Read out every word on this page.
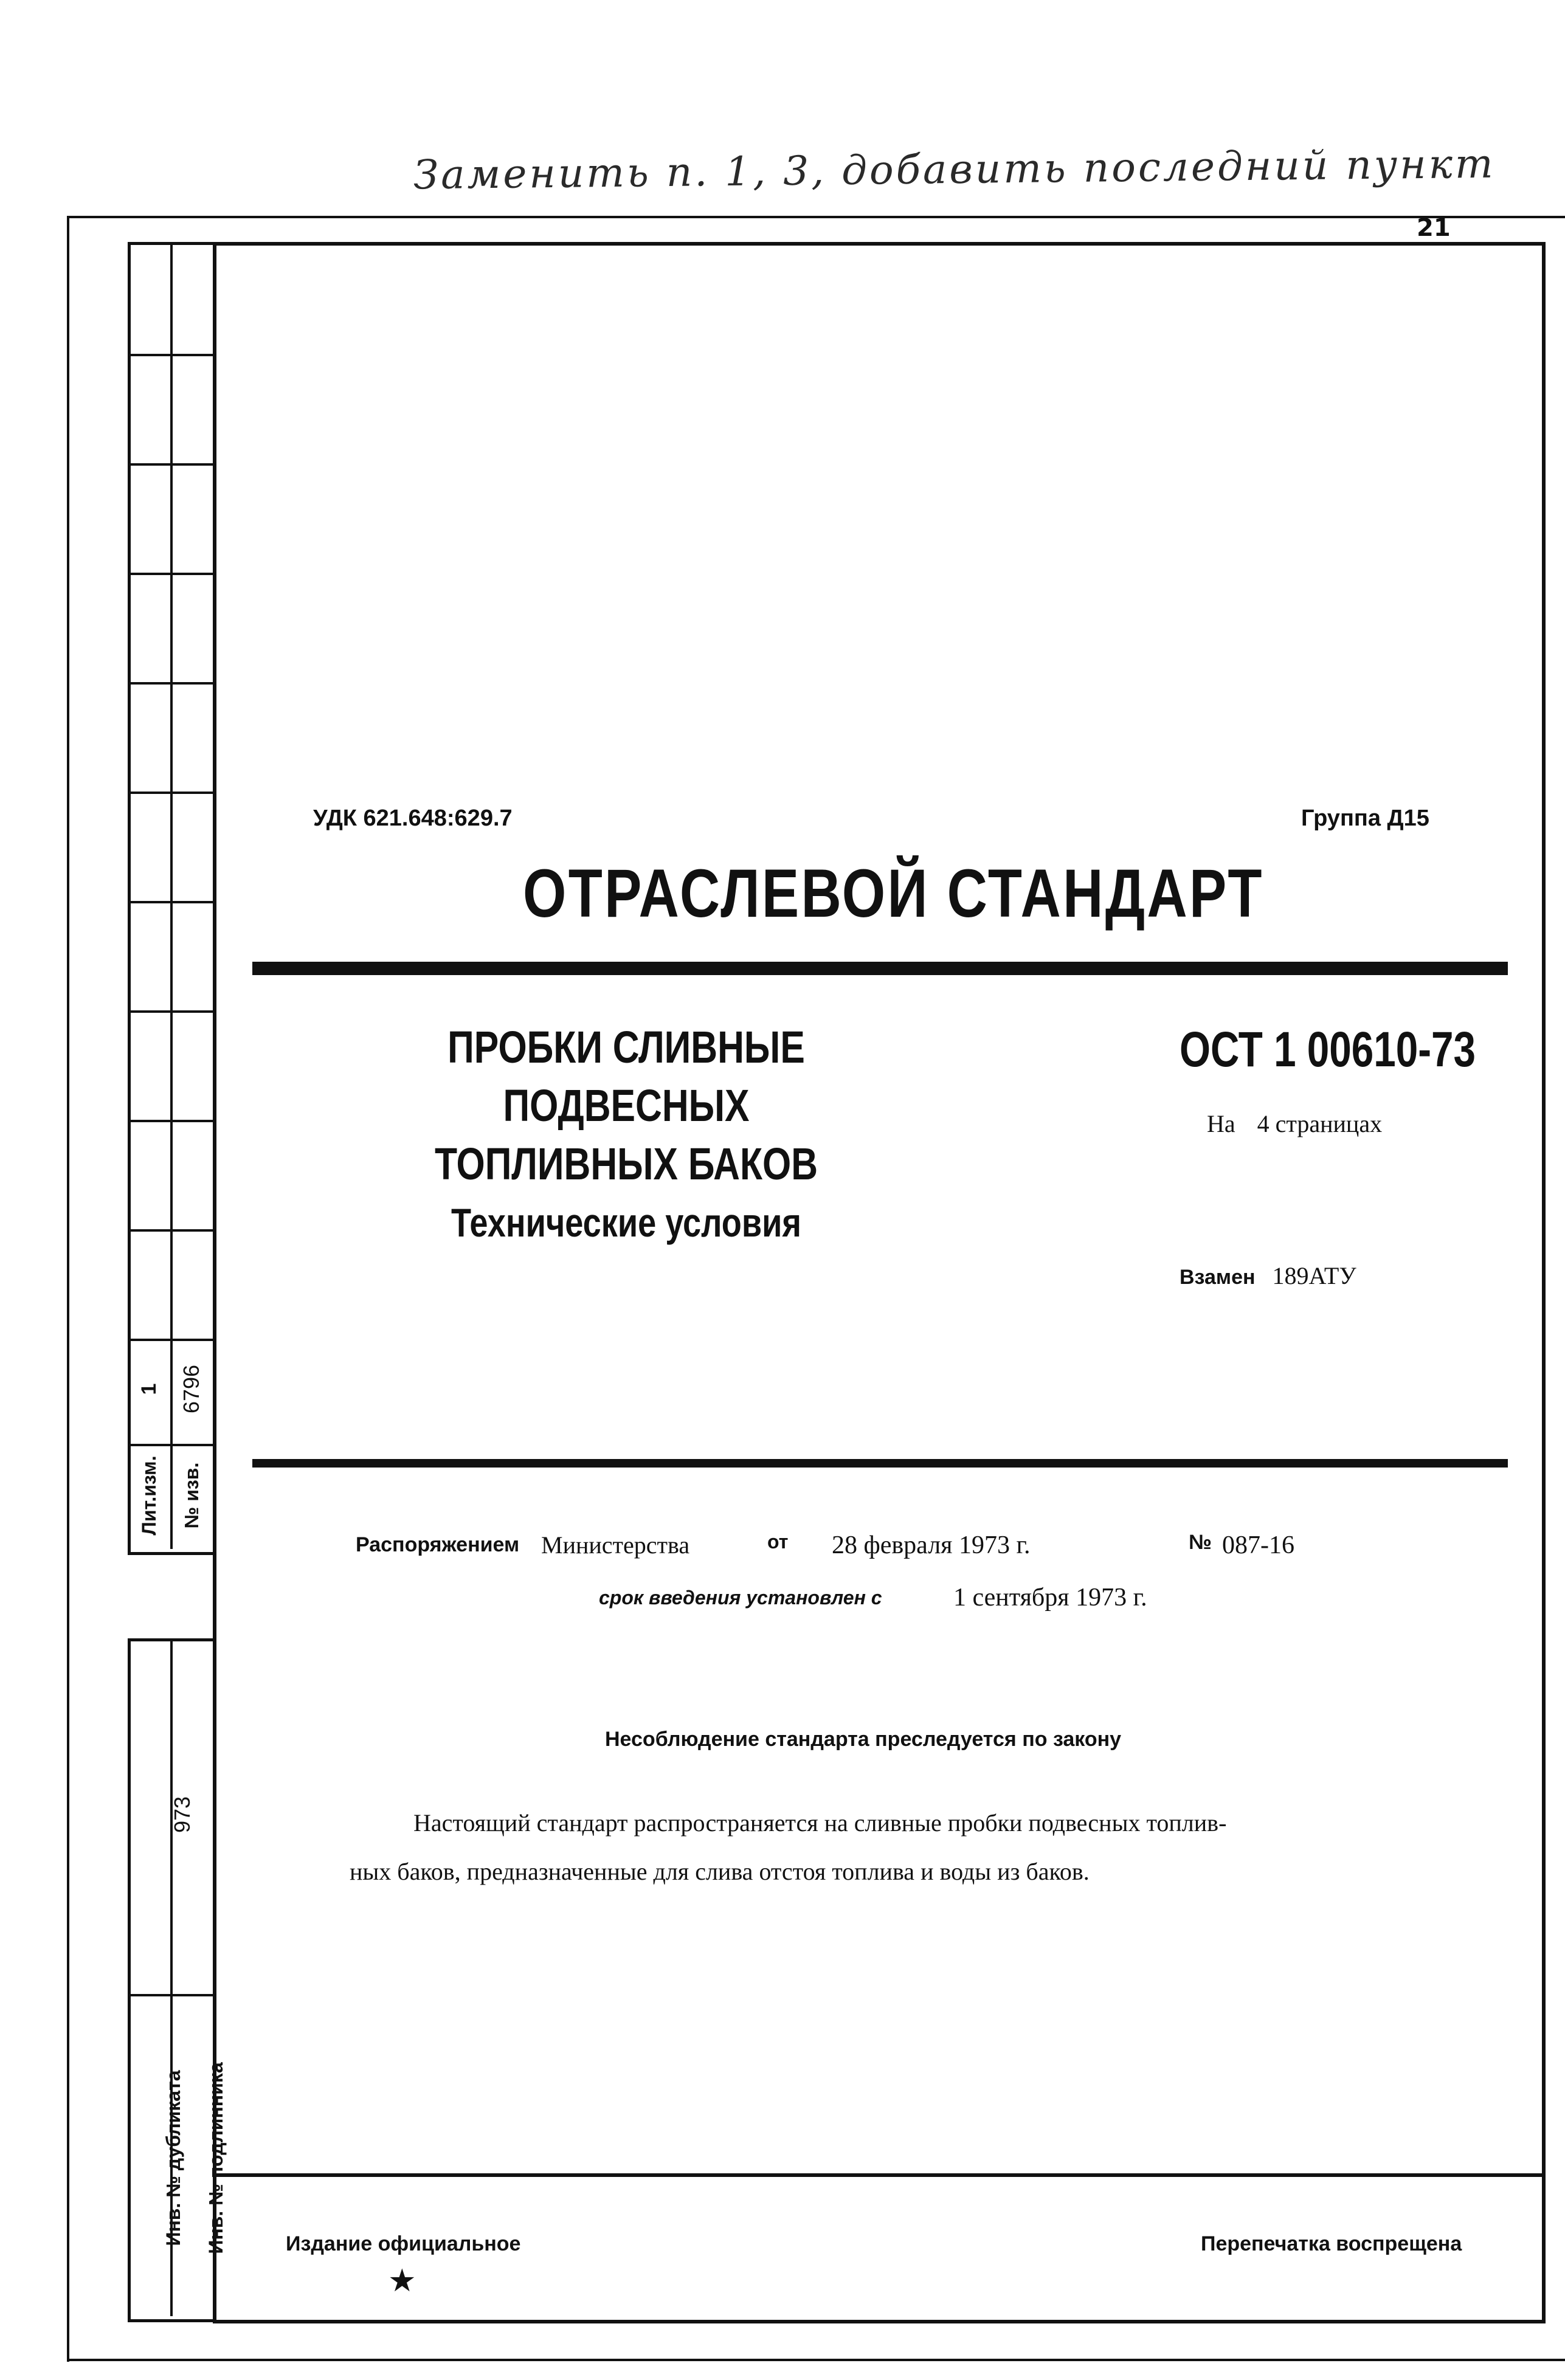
Заменить п. 1, 3, добавить последний пункт
21
1 6796
Лит.изм. № изв.
973
Инв. № дубликата Инв. № подлинника
УДК 621.648:629.7	Группа Д15
ОТРАСЛЕВОЙ СТАНДАРТ
ПРОБКИ СЛИВНЫЕ
ПОДВЕСНЫХ ТОПЛИВНЫХ БАКОВ
Технические условия
ОСТ 1 00610-73
На 4 страницах
Взамен 189АТУ
Распоряжением Министерства	от 28 февраля 1973 г.	№ 087-16
срок введения установлен с	1 сентября 1973 г.
Несоблюдение стандарта преследуется по закону
Настоящий стандарт распространяется на сливные пробки подвесных топлив-
ных баков, предназначенные для слива отстоя топлива и воды из баков.
Издание официальное
★
Перепечатка воспрещена
